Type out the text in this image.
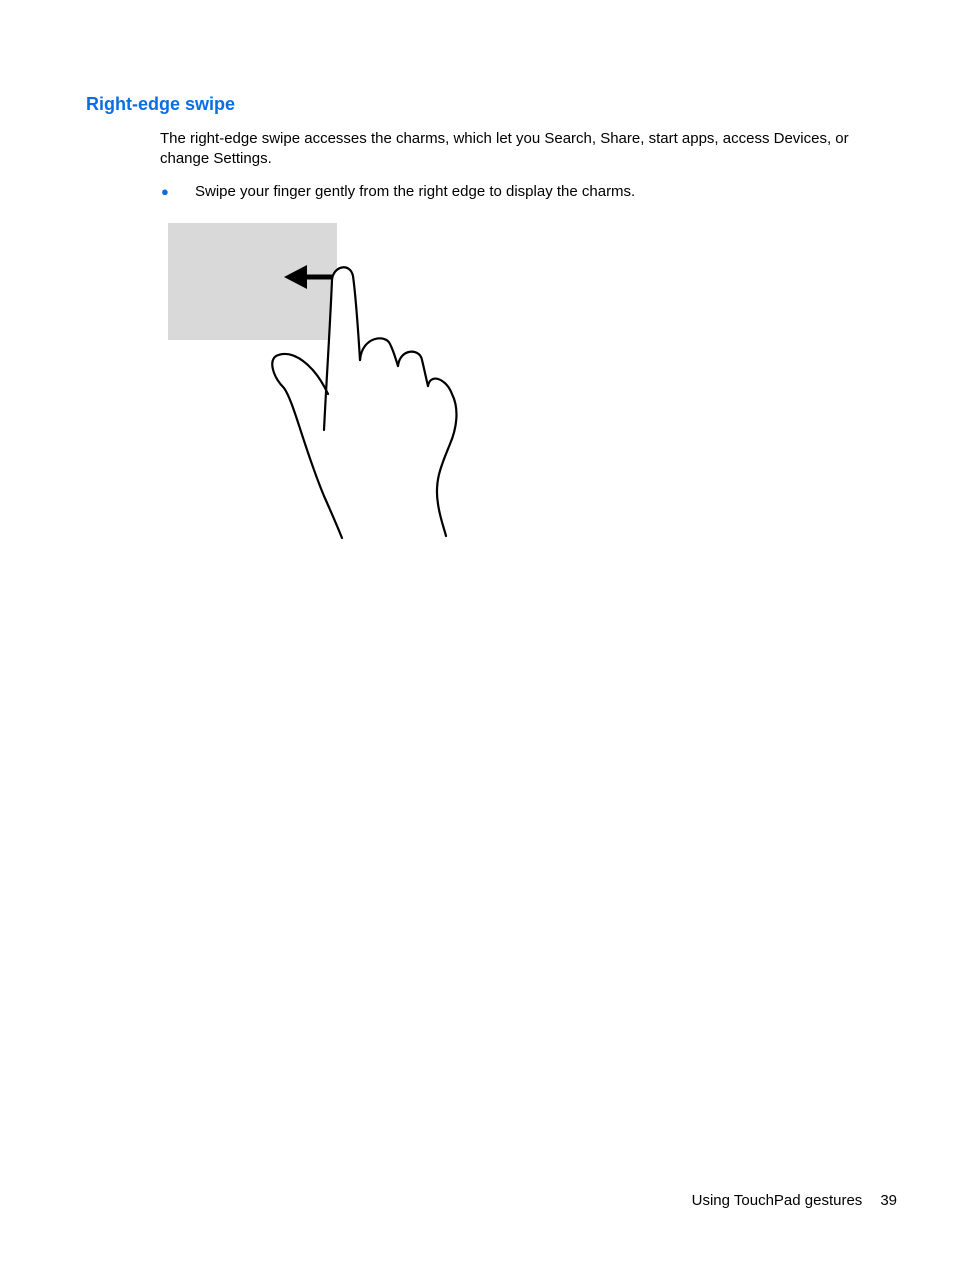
Right-edge swipe

The right-edge swipe accesses the charms, which let you Search, Share, start apps, access Devices, or change Settings.

● Swipe your finger gently from the right edge to display the charms.
Using TouchPad gestures 39
